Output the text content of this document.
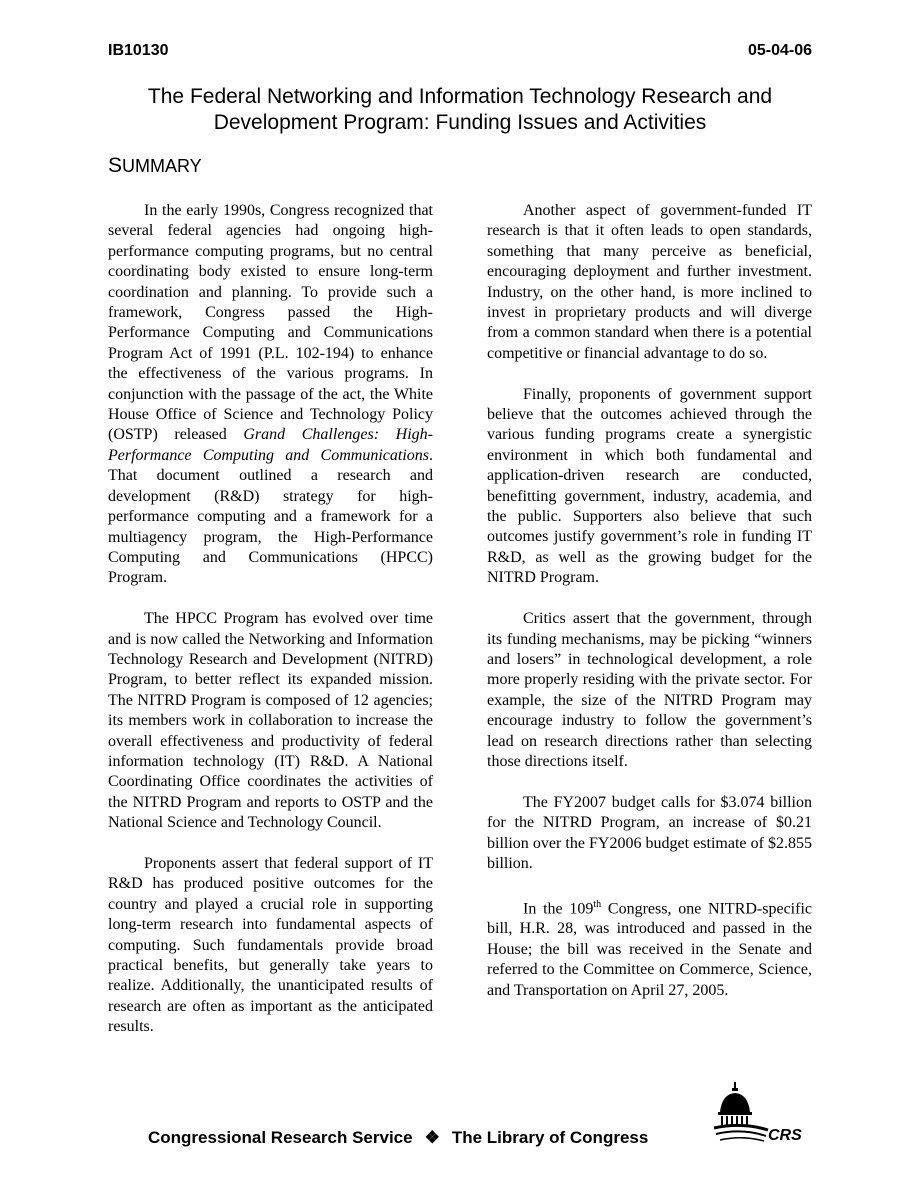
IB10130	05-04-06
The Federal Networking and Information Technology Research and
Development Program: Funding Issues and Activities
SUMMARY

In the early 1990s, Congress recognized that several federal agencies had ongoing high-performance computing programs, but no central coordinating body existed to ensure long-term coordination and planning. To provide such a framework, Congress passed the High-Performance Computing and Communications Program Act of 1991 (P.L. 102-194) to enhance the effectiveness of the various programs. In conjunction with the passage of the act, the White House Office of Science and Technology Policy (OSTP) released Grand Challenges: High-Performance Computing and Communications. That document outlined a research and development (R&D) strategy for high-performance computing and a framework for a multiagency program, the High-Performance Computing and Communications (HPCC) Program.

The HPCC Program has evolved over time and is now called the Networking and Information Technology Research and Development (NITRD) Program, to better reflect its expanded mission. The NITRD Program is composed of 12 agencies; its members work in collaboration to increase the overall effectiveness and productivity of federal information technology (IT) R&D. A National Coordinating Office coordinates the activities of the NITRD Program and reports to OSTP and the National Science and Technology Council.

Proponents assert that federal support of IT R&D has produced positive outcomes for the country and played a crucial role in supporting long-term research into fundamental aspects of computing. Such fundamentals provide broad practical benefits, but generally take years to realize. Additionally, the unanticipated results of research are often as important as the anticipated results.

Another aspect of government-funded IT research is that it often leads to open standards, something that many perceive as beneficial, encouraging deployment and further investment. Industry, on the other hand, is more inclined to invest in proprietary products and will diverge from a common standard when there is a potential competitive or financial advantage to do so.

Finally, proponents of government support believe that the outcomes achieved through the various funding programs create a synergistic environment in which both fundamental and application-driven research are conducted, benefitting government, industry, academia, and the public. Supporters also believe that such outcomes justify government’s role in funding IT R&D, as well as the growing budget for the NITRD Program.

Critics assert that the government, through its funding mechanisms, may be picking “winners and losers” in technological development, a role more properly residing with the private sector. For example, the size of the NITRD Program may encourage industry to follow the government’s lead on research directions rather than selecting those directions itself.

The FY2007 budget calls for $3.074 billion for the NITRD Program, an increase of $0.21 billion over the FY2006 budget estimate of $2.855 billion.

In the 109th Congress, one NITRD-specific bill, H.R. 28, was introduced and passed in the House; the bill was received in the Senate and referred to the Committee on Commerce, Science, and Transportation on April 27, 2005.

Congressional Research Service ❖ The Library of Congress	CRS
